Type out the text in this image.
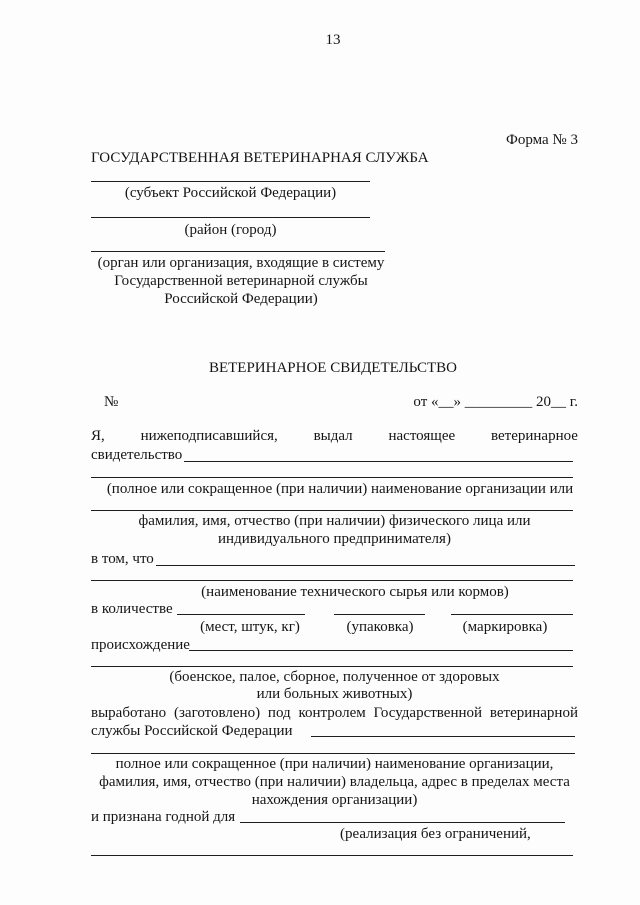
13
Форма № 3
ГОСУДАРСТВЕННАЯ ВЕТЕРИНАРНАЯ СЛУЖБА
(субъект Российской Федерации)
(район (город)
(орган или организация, входящие в систему
Государственной ветеринарной службы
Российской Федерации)
ВЕТЕРИНАРНОЕ СВИДЕТЕЛЬСТВО
№	от «__» _________ 20__ г.
Я, нижеподписавшийся, выдал настоящее ветеринарное
свидетельство
(полное или сокращенное (при наличии) наименование организации или
фамилия, имя, отчество (при наличии) физического лица или
индивидуального предпринимателя)
в том, что
(наименование технического сырья или кормов)
в количестве
(мест, штук, кг)	(упаковка)	(маркировка)
происхождение
(боенское, палое, сборное, полученное от здоровых
или больных животных)
выработано (заготовлено) под контролем Государственной ветеринарной
службы Российской Федерации
полное или сокращенное (при наличии) наименование организации,
фамилия, имя, отчество (при наличии) владельца, адрес в пределах места
нахождения организации)
и признана годной для
(реализация без ограничений,
